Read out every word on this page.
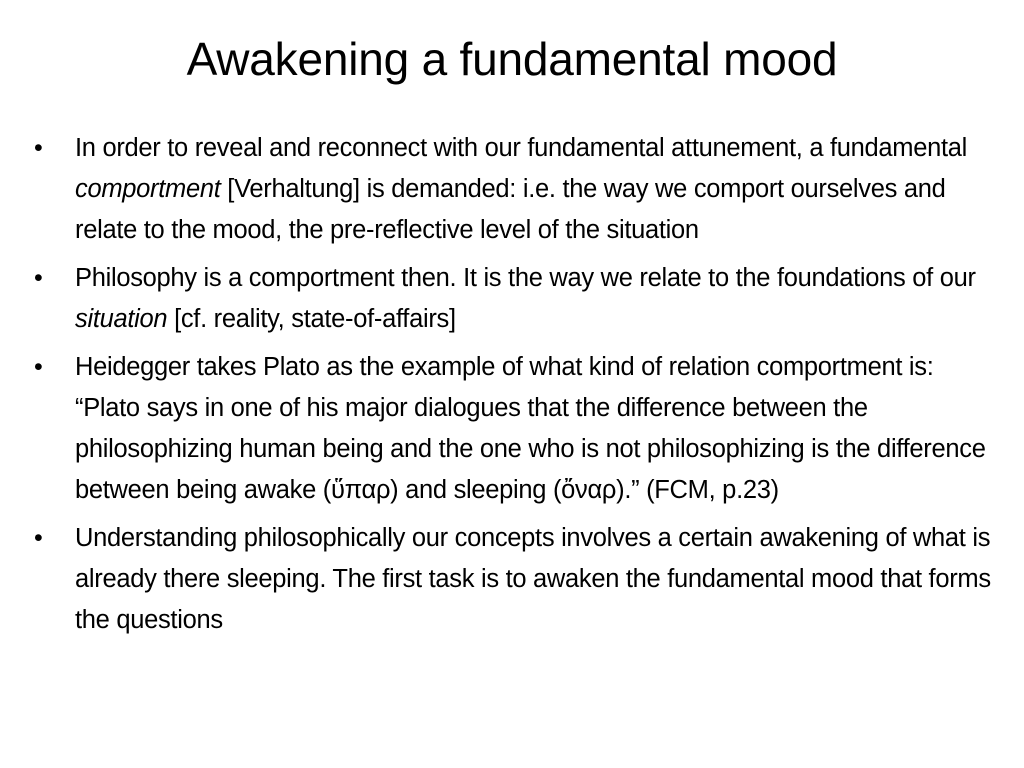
Awakening a fundamental mood
• In order to reveal and reconnect with our fundamental attunement, a fundamental comportment [Verhaltung] is demanded: i.e. the way we comport ourselves and relate to the mood, the pre-reflective level of the situation
• Philosophy is a comportment then. It is the way we relate to the foundations of our situation [cf. reality, state-of-affairs]
• Heidegger takes Plato as the example of what kind of relation comportment is: “Plato says in one of his major dialogues that the difference between the philosophizing human being and the one who is not philosophizing is the difference between being awake (ὕπαρ) and sleeping (ὄναρ).” (FCM, p.23)
• Understanding philosophically our concepts involves a certain awakening of what is already there sleeping. The first task is to awaken the fundamental mood that forms the questions
